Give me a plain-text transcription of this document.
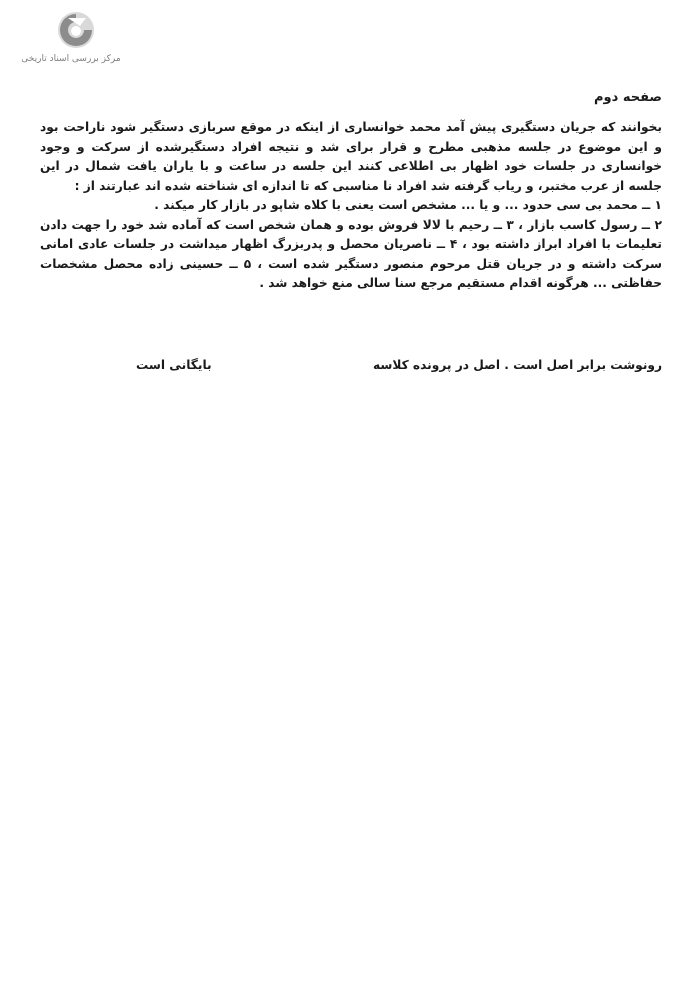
مرکز بررسی اسناد تاریخی
صفحه دوم

بخوانند که جریان دستگیری پیش آمد محمد خوانساری از اینکه در موقع سربازی دستگیر شود ناراحت بود و این موضوع در جلسه مذهبی مطرح و قرار برای شد و نتیجه افراد دستگیرشده از سرکت و وجود خوانساری در جلسات خود اظهار بی اطلاعی کنند این جلسه در ساعت و با یاران یافت شمال در این جلسه از عرب مختبر، و ریاب گرفته شد افراد نا مناسبی که تا اندازه ای شناخته شده اند عبارتند از :

۱ ــ محمد بی سی حدود ... و یا ... مشخص است یعنی با کلاه شاپو در بازار کار میکند .

۲ ــ رسول کاسب بازار ، ۳ ــ رحیم با لالا فروش بوده و همان شخص است که آماده شد خود را جهت دادن تعلیمات با افراد ابراز داشته بود ، ۴ ــ ناصریان محصل و پدربزرگ اظهار میداشت در جلسات عادی امانی سرکت داشته و در جریان قتل مرحوم منصور دستگیر شده است ، ۵ ــ حسینی زاده محصل مشخصات حفاظتی ... هرگونه اقدام مستقیم مرجع سنا سالی منع خواهد شد .

رونوشت برابر اصل است . اصل در پرونده کلاسه
بایگانی است
